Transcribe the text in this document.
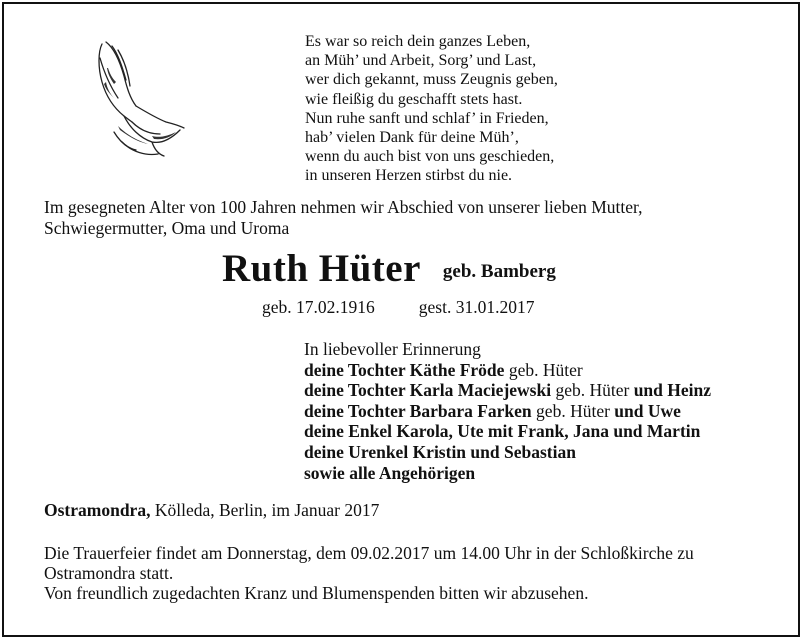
Es war so reich dein ganzes Leben,
an Müh’ und Arbeit, Sorg’ und Last,
wer dich gekannt, muss Zeugnis geben,
wie fleißig du geschafft stets hast.
Nun ruhe sanft und schlaf’ in Frieden,
hab’ vielen Dank für deine Müh’,
wenn du auch bist von uns geschieden,
in unseren Herzen stirbst du nie.
Im gesegneten Alter von 100 Jahren nehmen wir Abschied von unserer lieben Mutter, Schwiegermutter, Oma und Uroma
Ruth Hüter geb. Bamberg
geb. 17.02.1916	gest. 31.01.2017
In liebevoller Erinnerung
deine Tochter Käthe Fröde geb. Hüter
deine Tochter Karla Maciejewski geb. Hüter und Heinz
deine Tochter Barbara Farken geb. Hüter und Uwe
deine Enkel Karola, Ute mit Frank, Jana und Martin
deine Urenkel Kristin und Sebastian
sowie alle Angehörigen
Ostramondra, Kölleda, Berlin, im Januar 2017
Die Trauerfeier findet am Donnerstag, dem 09.02.2017 um 14.00 Uhr in der Schloßkirche zu
Ostramondra statt.
Von freundlich zugedachten Kranz und Blumenspenden bitten wir abzusehen.
